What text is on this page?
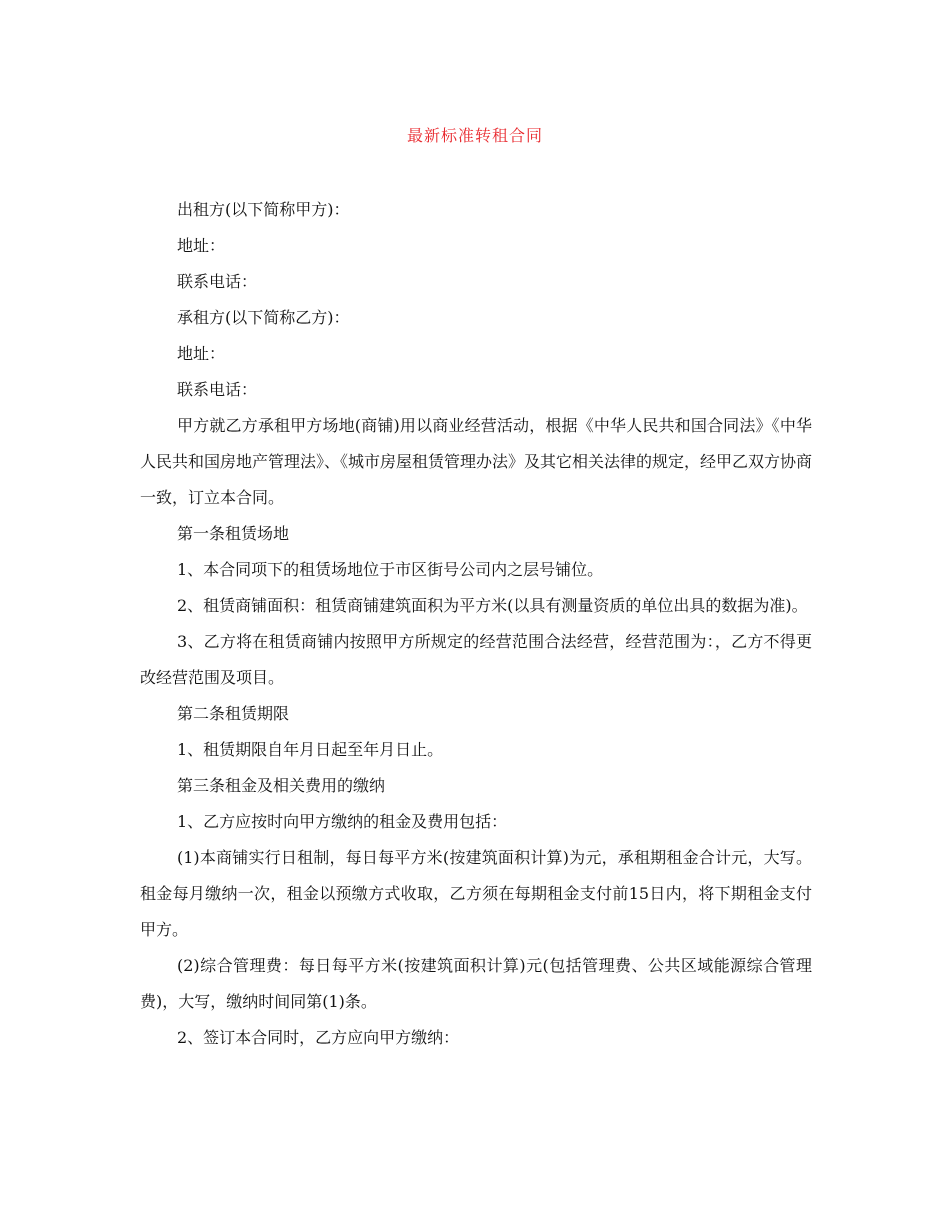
最新标准转租合同

出租方(以下简称甲方)：

地址：

联系电话：

承租方(以下简称乙方)：

地址：

联系电话：

甲方就乙方承租甲方场地(商铺)用以商业经营活动，根据《中华人民共和国合同法》《中华人民共和国房地产管理法》、《城市房屋租赁管理办法》及其它相关法律的规定，经甲乙双方协商一致，订立本合同。

第一条租赁场地

1、本合同项下的租赁场地位于市区街号公司内之层号铺位。

2、租赁商铺面积：租赁商铺建筑面积为平方米(以具有测量资质的单位出具的数据为准)。

3、乙方将在租赁商铺内按照甲方所规定的经营范围合法经营，经营范围为：，乙方不得更改经营范围及项目。

第二条租赁期限

1、租赁期限自年月日起至年月日止。

第三条租金及相关费用的缴纳

1、乙方应按时向甲方缴纳的租金及费用包括：

(1)本商铺实行日租制，每日每平方米(按建筑面积计算)为元，承租期租金合计元，大写。租金每月缴纳一次，租金以预缴方式收取，乙方须在每期租金支付前15日内，将下期租金支付甲方。

(2)综合管理费：每日每平方米(按建筑面积计算)元(包括管理费、公共区域能源综合管理费)，大写，缴纳时间同第(1)条。

2、签订本合同时，乙方应向甲方缴纳：
